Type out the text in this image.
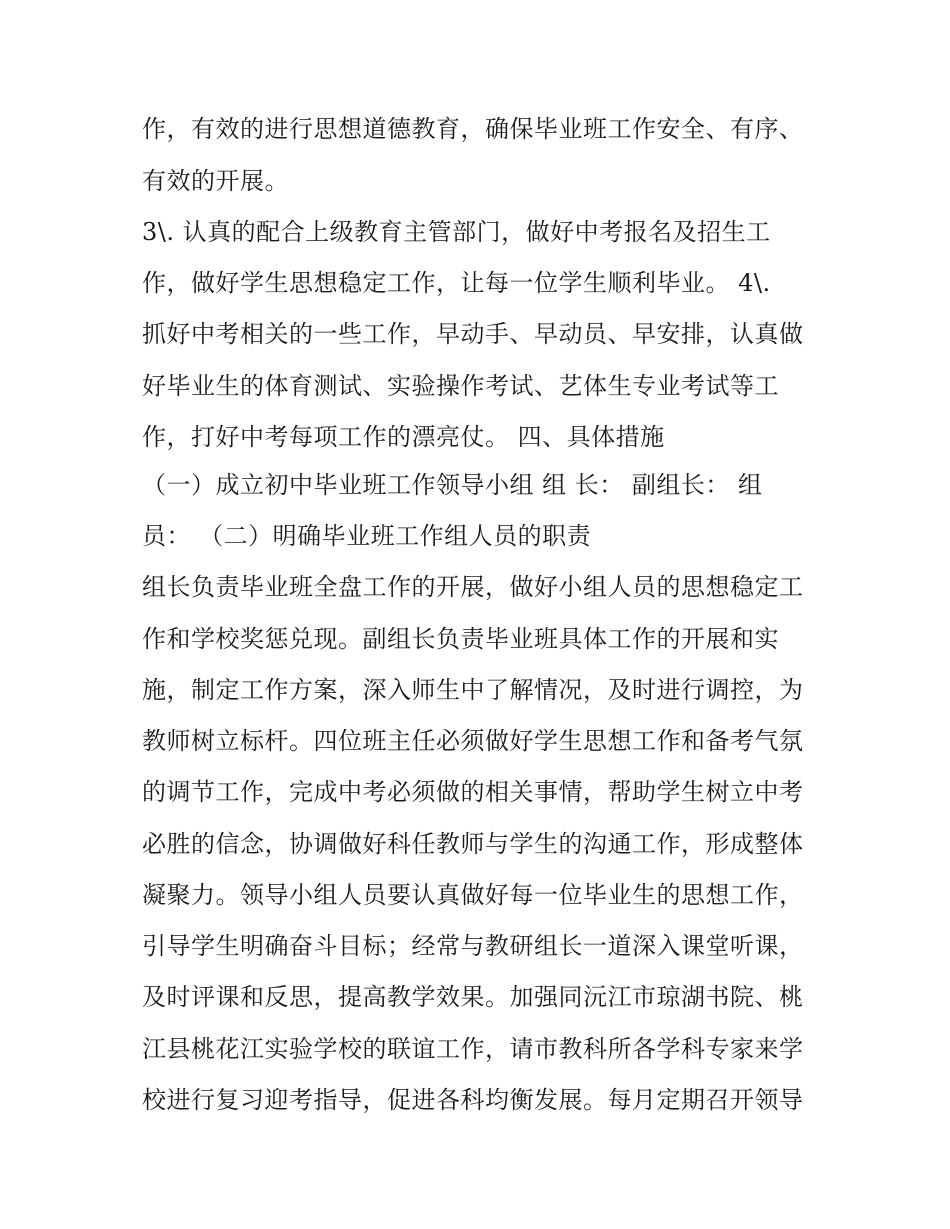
作，有效的进行思想道德教育，确保毕业班工作安全、有序、
有效的开展。
3\. 认真的配合上级教育主管部门，做好中考报名及招生工
作，做好学生思想稳定工作，让每一位学生顺利毕业。 4\.
抓好中考相关的一些工作，早动手、早动员、早安排，认真做
好毕业生的体育测试、实验操作考试、艺体生专业考试等工
作，打好中考每项工作的漂亮仗。 四、具体措施
（一）成立初中毕业班工作领导小组 组 长： 副组长： 组
员： （二）明确毕业班工作组人员的职责
组长负责毕业班全盘工作的开展，做好小组人员的思想稳定工
作和学校奖惩兑现。副组长负责毕业班具体工作的开展和实
施，制定工作方案，深入师生中了解情况，及时进行调控，为
教师树立标杆。四位班主任必须做好学生思想工作和备考气氛
的调节工作，完成中考必须做的相关事情，帮助学生树立中考
必胜的信念，协调做好科任教师与学生的沟通工作，形成整体
凝聚力。领导小组人员要认真做好每一位毕业生的思想工作，
引导学生明确奋斗目标；经常与教研组长一道深入课堂听课，
及时评课和反思，提高教学效果。加强同沅江市琼湖书院、桃
江县桃花江实验学校的联谊工作，请市教科所各学科专家来学
校进行复习迎考指导，促进各科均衡发展。每月定期召开领导
